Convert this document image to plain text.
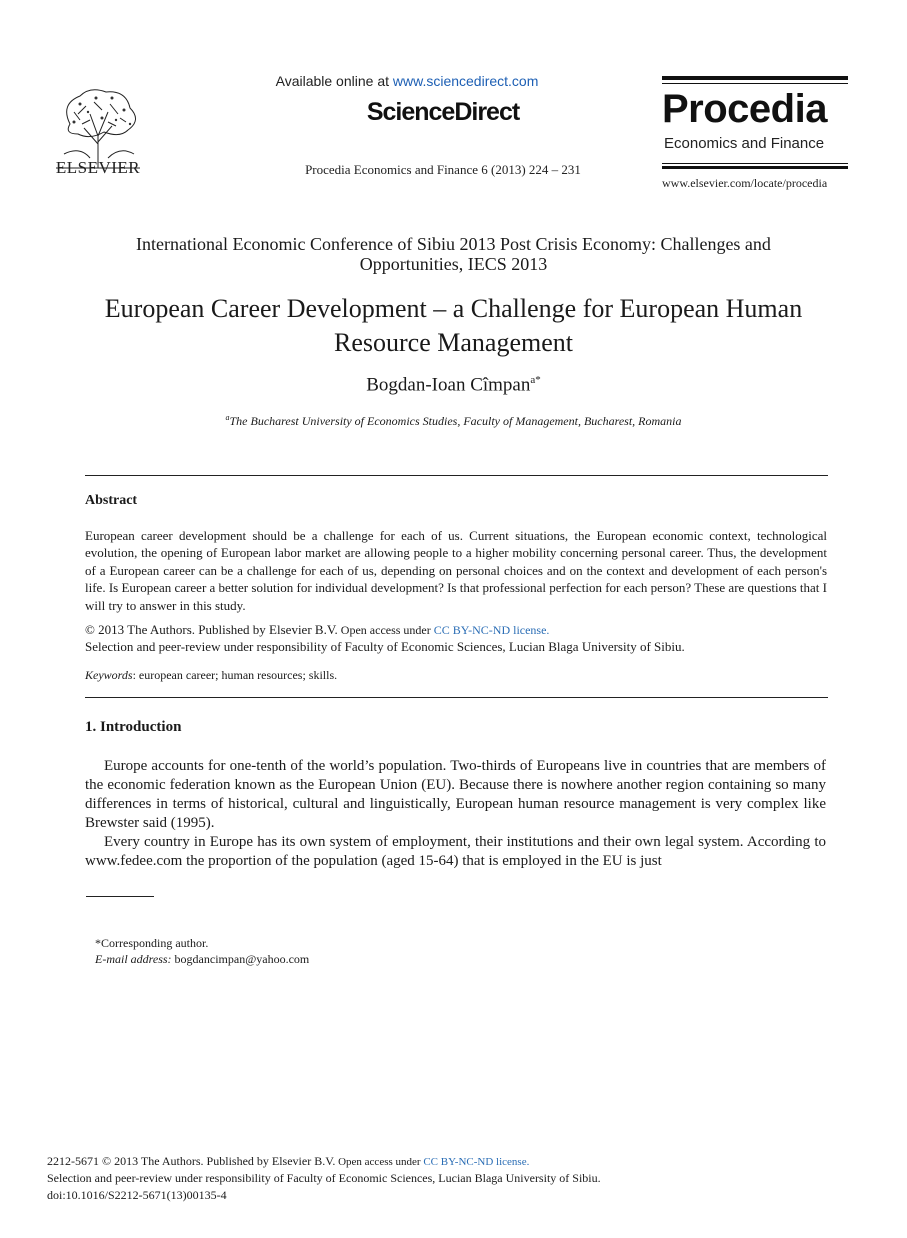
ELSEVIER
Available online at www.sciencedirect.com
ScienceDirect
Procedia Economics and Finance 6 (2013) 224 – 231
Procedia
Economics and Finance
www.elsevier.com/locate/procedia
International Economic Conference of Sibiu 2013 Post Crisis Economy: Challenges and Opportunities, IECS 2013
European Career Development – a Challenge for European Human Resource Management
Bogdan-Ioan Cîmpan$^{a*}$
$^a$The Bucharest University of Economics Studies, Faculty of Management, Bucharest, Romania
Abstract
European career development should be a challenge for each of us. Current situations, the European economic context, technological evolution, the opening of European labor market are allowing people to a higher mobility concerning personal career. Thus, the development of a European career can be a challenge for each of us, depending on personal choices and on the context and development of each person's life. Is European career a better solution for individual development? Is that professional perfection for each person? These are questions that I will try to answer in this study.
© 2013 The Authors. Published by Elsevier B.V. Open access under CC BY-NC-ND license.
Selection and peer-review under responsibility of Faculty of Economic Sciences, Lucian Blaga University of Sibiu.
Keywords: european career; human resources; skills.
1. Introduction

Europe accounts for one-tenth of the world’s population. Two-thirds of Europeans live in countries that are members of the economic federation known as the European Union (EU). Because there is nowhere another region containing so many differences in terms of historical, cultural and linguistically, European human resource management is very complex like Brewster said (1995).

Every country in Europe has its own system of employment, their institutions and their own legal system. According to www.fedee.com the proportion of the population (aged 15-64) that is employed in the EU is just

*Corresponding author.
E-mail address: bogdancimpan@yahoo.com
2212-5671 © 2013 The Authors. Published by Elsevier B.V. Open access under CC BY-NC-ND license.
Selection and peer-review under responsibility of Faculty of Economic Sciences, Lucian Blaga University of Sibiu.
doi:10.1016/S2212-5671(13)00135-4
